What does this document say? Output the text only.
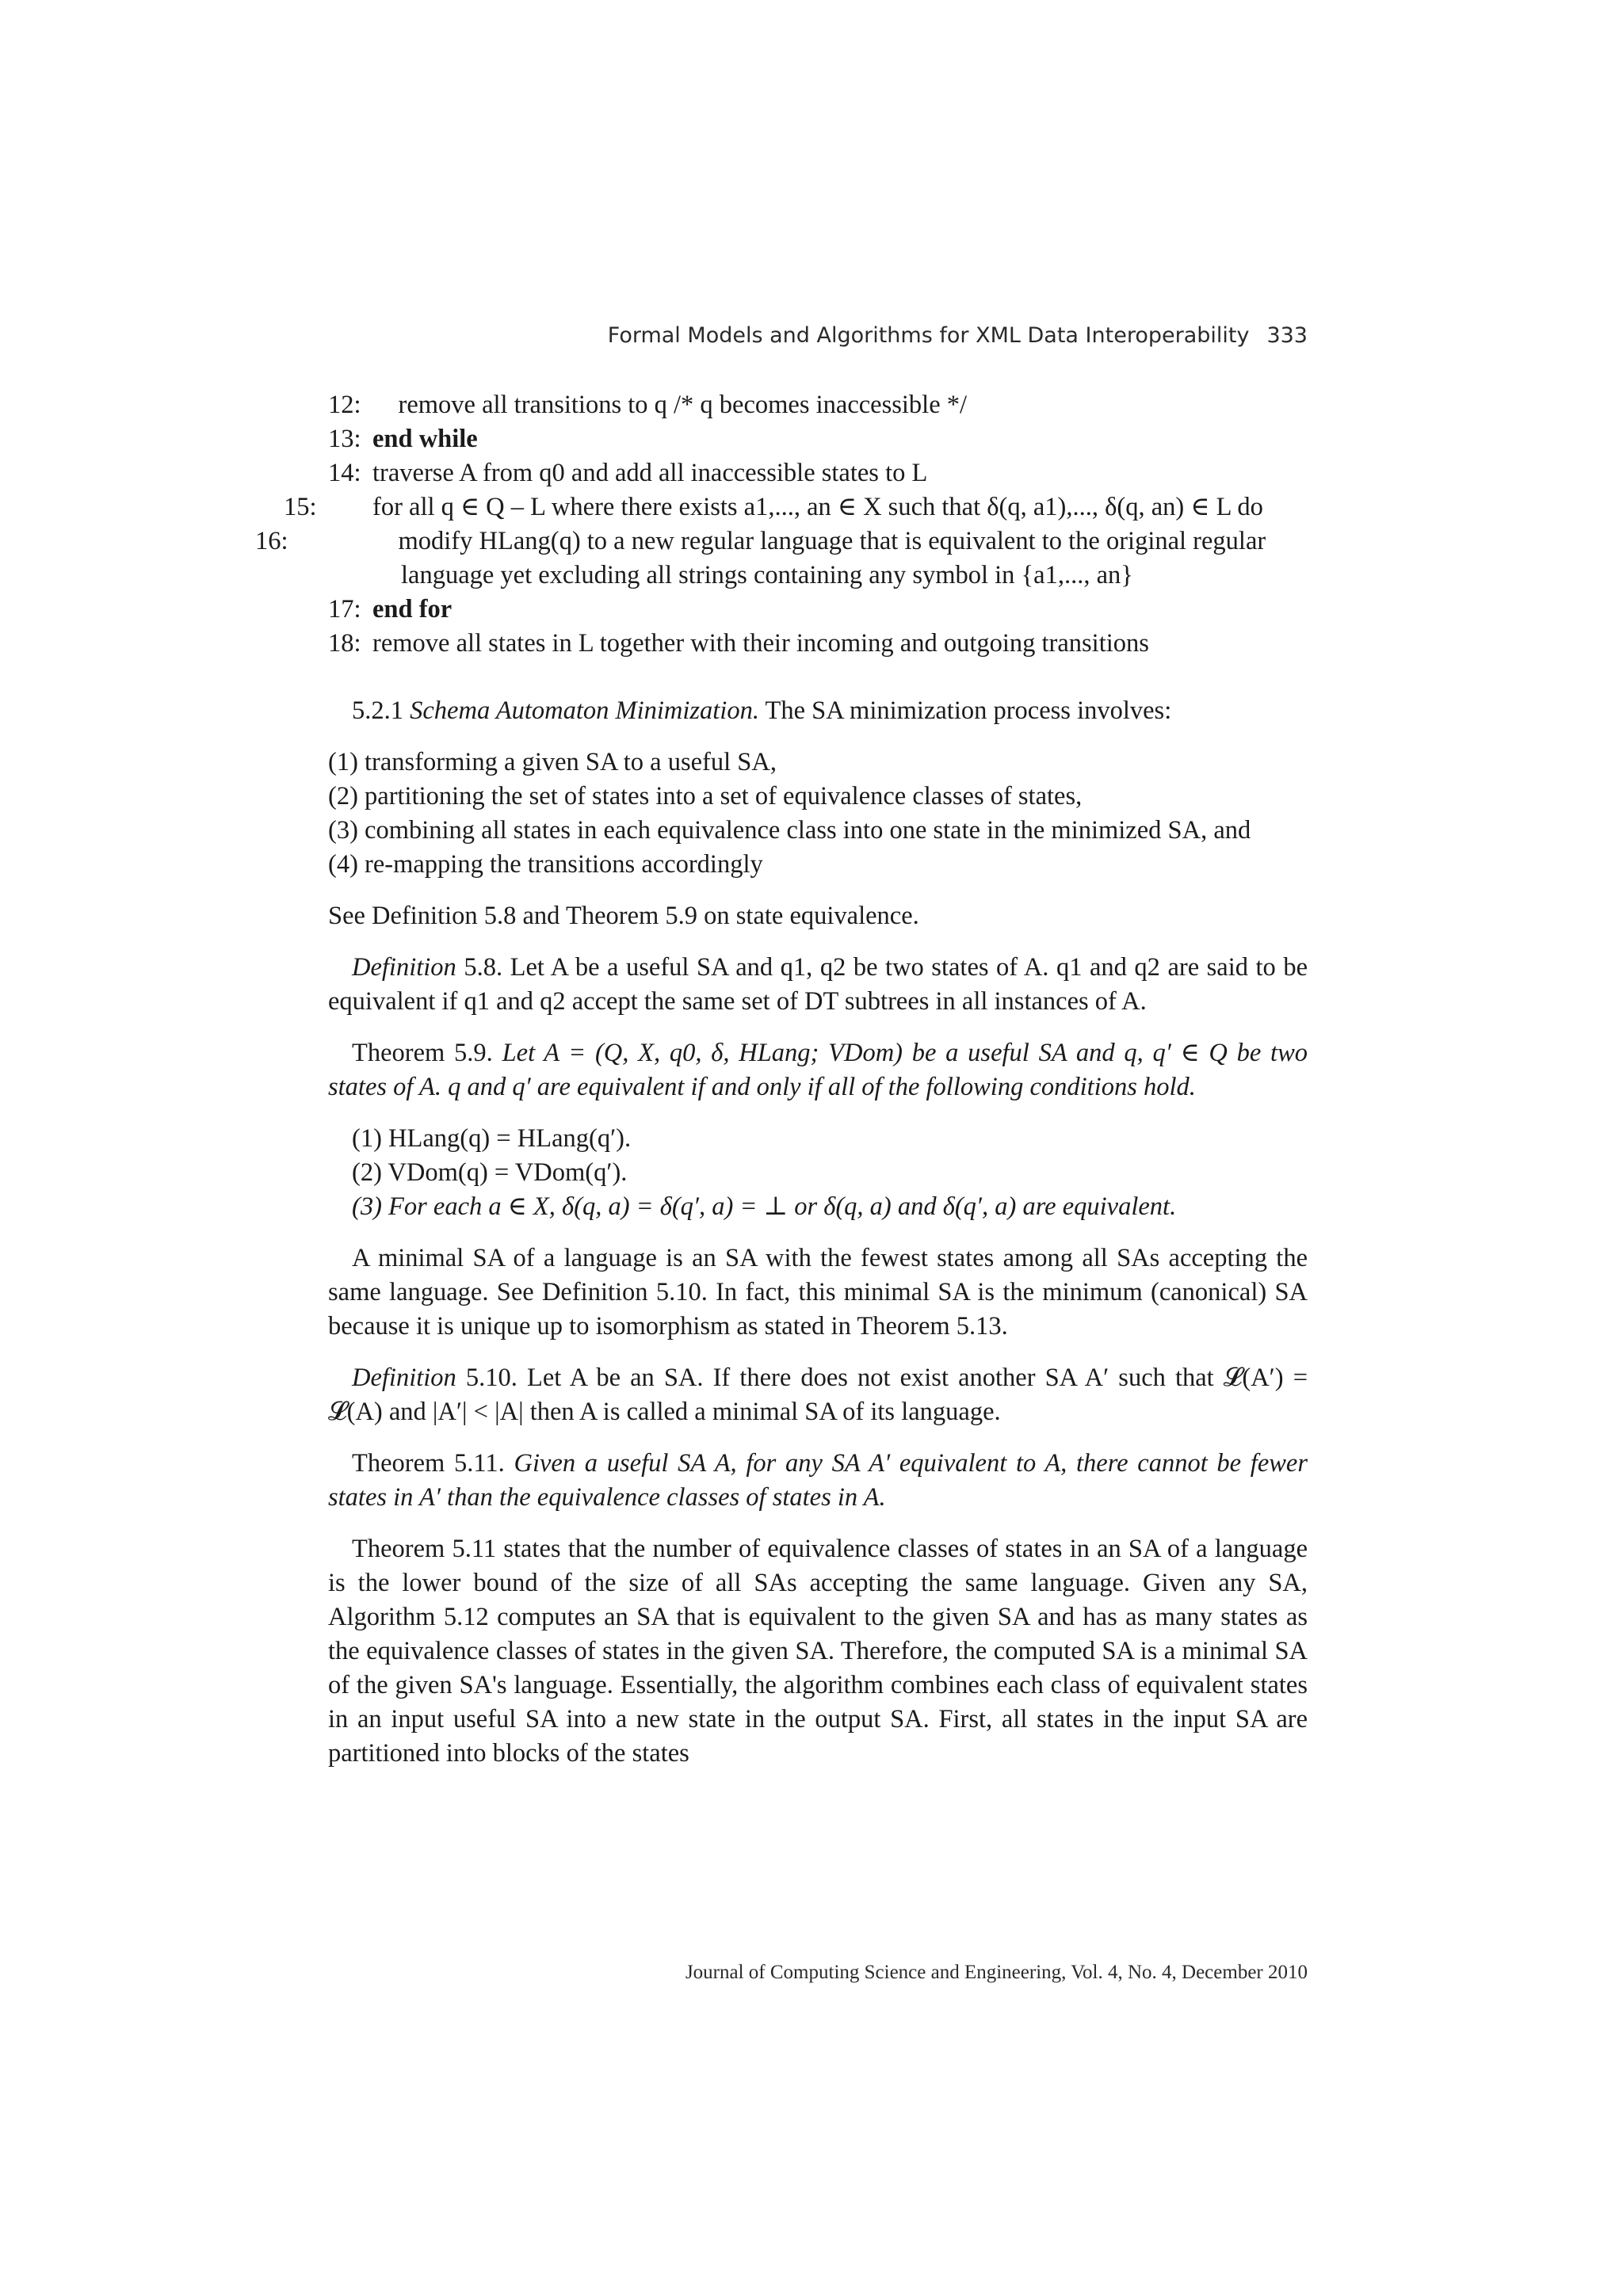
Formal Models and Algorithms for XML Data Interoperability 333
12: remove all transitions to q /* q becomes inaccessible */
13: end while
14: traverse A from q0 and add all inaccessible states to L
15: for all q ∈ Q – L where there exists a1,..., an ∈ X such that δ(q, a1),..., δ(q, an) ∈ L do
16:	modify HLang(q) to a new regular language that is equivalent to the original regular language yet excluding all strings containing any symbol in {a1,..., an}
17: end for
18: remove all states in L together with their incoming and outgoing transitions

5.2.1 Schema Automaton Minimization. The SA minimization process involves:

(1) transforming a given SA to a useful SA,
(2) partitioning the set of states into a set of equivalence classes of states,
(3) combining all states in each equivalence class into one state in the minimized SA, and
(4) re-mapping the transitions accordingly

See Definition 5.8 and Theorem 5.9 on state equivalence.

Definition 5.8. Let A be a useful SA and q1, q2 be two states of A. q1 and q2 are said to be equivalent if q1 and q2 accept the same set of DT subtrees in all instances of A.

Theorem 5.9. Let A = (Q, X, q0, δ, HLang; VDom) be a useful SA and q, q′ ∈ Q be two states of A. q and q′ are equivalent if and only if all of the following conditions hold.

(1) HLang(q) = HLang(q′).
(2) VDom(q) = VDom(q′).
(3) For each a ∈ X, δ(q, a) = δ(q′, a) = ⊥ or δ(q, a) and δ(q′, a) are equivalent.

A minimal SA of a language is an SA with the fewest states among all SAs accepting the same language. See Definition 5.10. In fact, this minimal SA is the minimum (canonical) SA because it is unique up to isomorphism as stated in Theorem 5.13.

Definition 5.10. Let A be an SA. If there does not exist another SA A′ such that 𝓛(A′) = 𝓛(A) and |A′| < |A| then A is called a minimal SA of its language.

Theorem 5.11. Given a useful SA A, for any SA A′ equivalent to A, there cannot be fewer states in A′ than the equivalence classes of states in A.

Theorem 5.11 states that the number of equivalence classes of states in an SA of a language is the lower bound of the size of all SAs accepting the same language. Given any SA, Algorithm 5.12 computes an SA that is equivalent to the given SA and has as many states as the equivalence classes of states in the given SA. Therefore, the computed SA is a minimal SA of the given SA's language. Essentially, the algorithm combines each class of equivalent states in an input useful SA into a new state in the output SA. First, all states in the input SA are partitioned into blocks of the states

Journal of Computing Science and Engineering, Vol. 4, No. 4, December 2010
